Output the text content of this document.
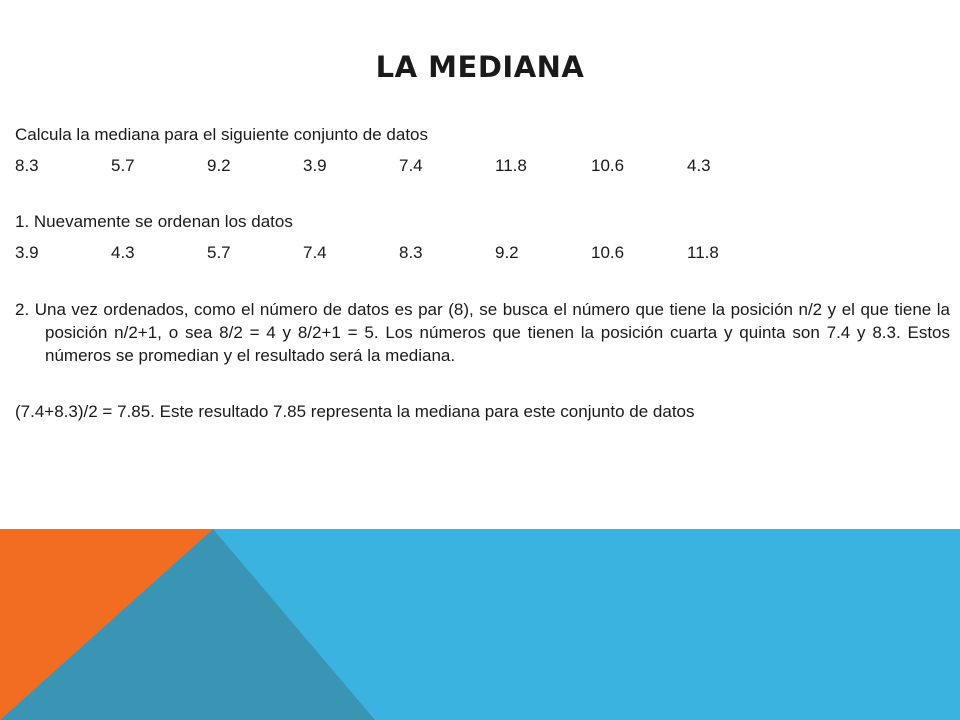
LA MEDIANA

Calcula la mediana para el siguiente conjunto de datos

8.3	5.7	9.2	3.9	7.4	11.8	10.6	4.3

1. Nuevamente se ordenan los datos

3.9	4.3	5.7	7.4	8.3	9.2	10.6	11.8

2. Una vez ordenados, como el número de datos es par (8), se busca el número que tiene la posición n/2 y el que tiene la posición n/2+1, o sea 8/2 = 4 y 8/2+1 = 5. Los números que tienen la posición cuarta y quinta son 7.4 y 8.3. Estos números se promedian y el resultado será la mediana.

(7.4+8.3)/2 = 7.85. Este resultado 7.85 representa la mediana para este conjunto de datos
